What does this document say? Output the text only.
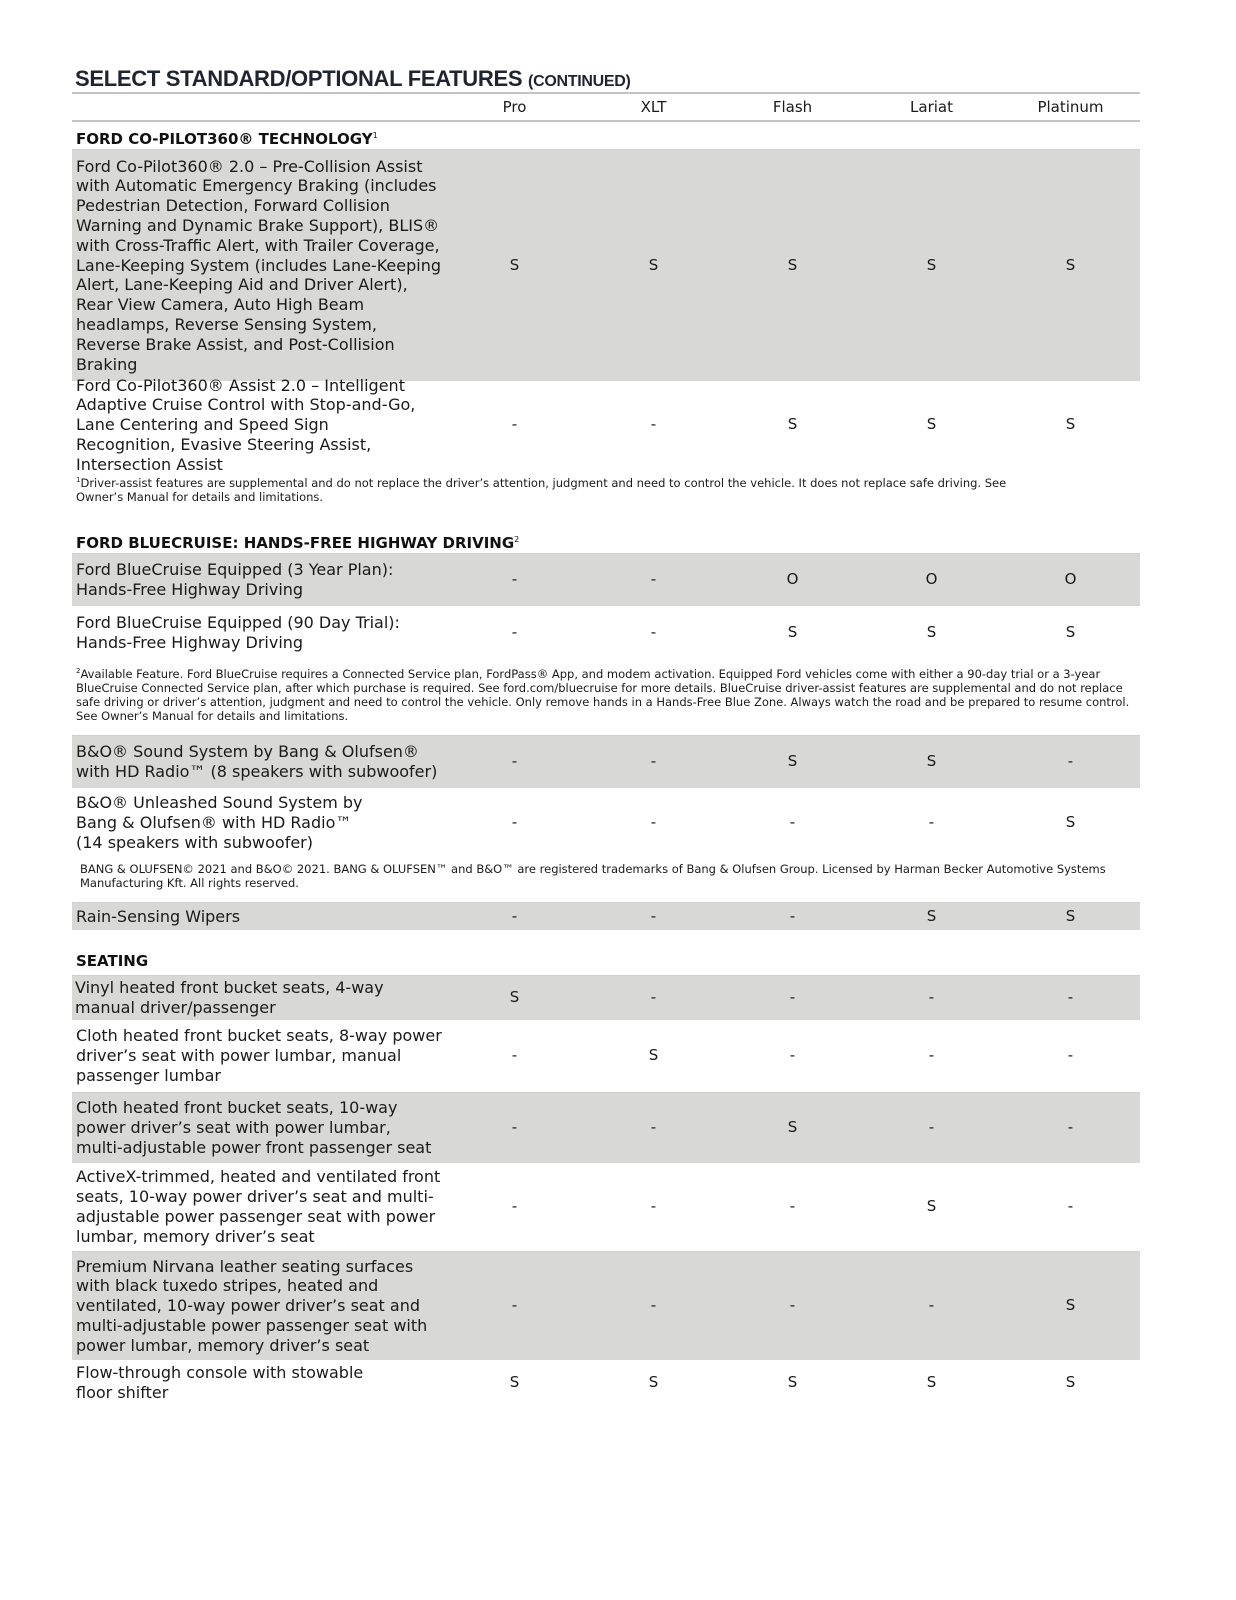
SELECT STANDARD/OPTIONAL FEATURES (CONTINUED)
Pro	XLT	Flash	Lariat	Platinum
FORD CO-PILOT360® TECHNOLOGY$^1$
Ford Co-Pilot360® 2.0 – Pre-Collision Assist with Automatic Emergency Braking (includes Pedestrian Detection, Forward Collision Warning and Dynamic Brake Support), BLIS® with Cross-Traffic Alert, with Trailer Coverage, Lane-Keeping System (includes Lane-Keeping Alert, Lane-Keeping Aid and Driver Alert), Rear View Camera, Auto High Beam headlamps, Reverse Sensing System, Reverse Brake Assist, and Post-Collision Braking
S	S	S	S	S
Ford Co-Pilot360® Assist 2.0 – Intelligent Adaptive Cruise Control with Stop-and-Go, Lane Centering and Speed Sign Recognition, Evasive Steering Assist, Intersection Assist
-	-	S	S	S
$^1$Driver-assist features are supplemental and do not replace the driver’s attention, judgment and need to control the vehicle. It does not replace safe driving. See Owner’s Manual for details and limitations.
FORD BLUECRUISE: HANDS-FREE HIGHWAY DRIVING$^2$
Ford BlueCruise Equipped (3 Year Plan): Hands-Free Highway Driving
-	-	O	O	O
Ford BlueCruise Equipped (90 Day Trial): Hands-Free Highway Driving
-	-	S	S	S
$^2$Available Feature. Ford BlueCruise requires a Connected Service plan, FordPass® App, and modem activation. Equipped Ford vehicles come with either a 90-day trial or a 3-year BlueCruise Connected Service plan, after which purchase is required. See ford.com/bluecruise for more details. BlueCruise driver-assist features are supplemental and do not replace safe driving or driver’s attention, judgment and need to control the vehicle. Only remove hands in a Hands-Free Blue Zone. Always watch the road and be prepared to resume control. See Owner’s Manual for details and limitations.
B&O® Sound System by Bang & Olufsen® with HD Radio™ (8 speakers with subwoofer)
-	-	S	S	-
B&O® Unleashed Sound System by Bang & Olufsen® with HD Radio™ (14 speakers with subwoofer)
-	-	-	-	S
BANG & OLUFSEN© 2021 and B&O© 2021. BANG & OLUFSEN™ and B&O™ are registered trademarks of Bang & Olufsen Group. Licensed by Harman Becker Automotive Systems Manufacturing Kft. All rights reserved.
Rain-Sensing Wipers	-	-	-	S	S
SEATING
Vinyl heated front bucket seats, 4-way manual driver/passenger
S	-	-	-	-
Cloth heated front bucket seats, 8-way power driver’s seat with power lumbar, manual passenger lumbar
-	S	-	-	-
Cloth heated front bucket seats, 10-way power driver’s seat with power lumbar, multi-adjustable power front passenger seat
-	-	S	-	-
ActiveX-trimmed, heated and ventilated front seats, 10-way power driver’s seat and multi-adjustable power passenger seat with power lumbar, memory driver’s seat
-	-	-	S	-
Premium Nirvana leather seating surfaces with black tuxedo stripes, heated and ventilated, 10-way power driver’s seat and multi-adjustable power passenger seat with power lumbar, memory driver’s seat
-	-	-	-	S
Flow-through console with stowable floor shifter
S	S	S	S	S
